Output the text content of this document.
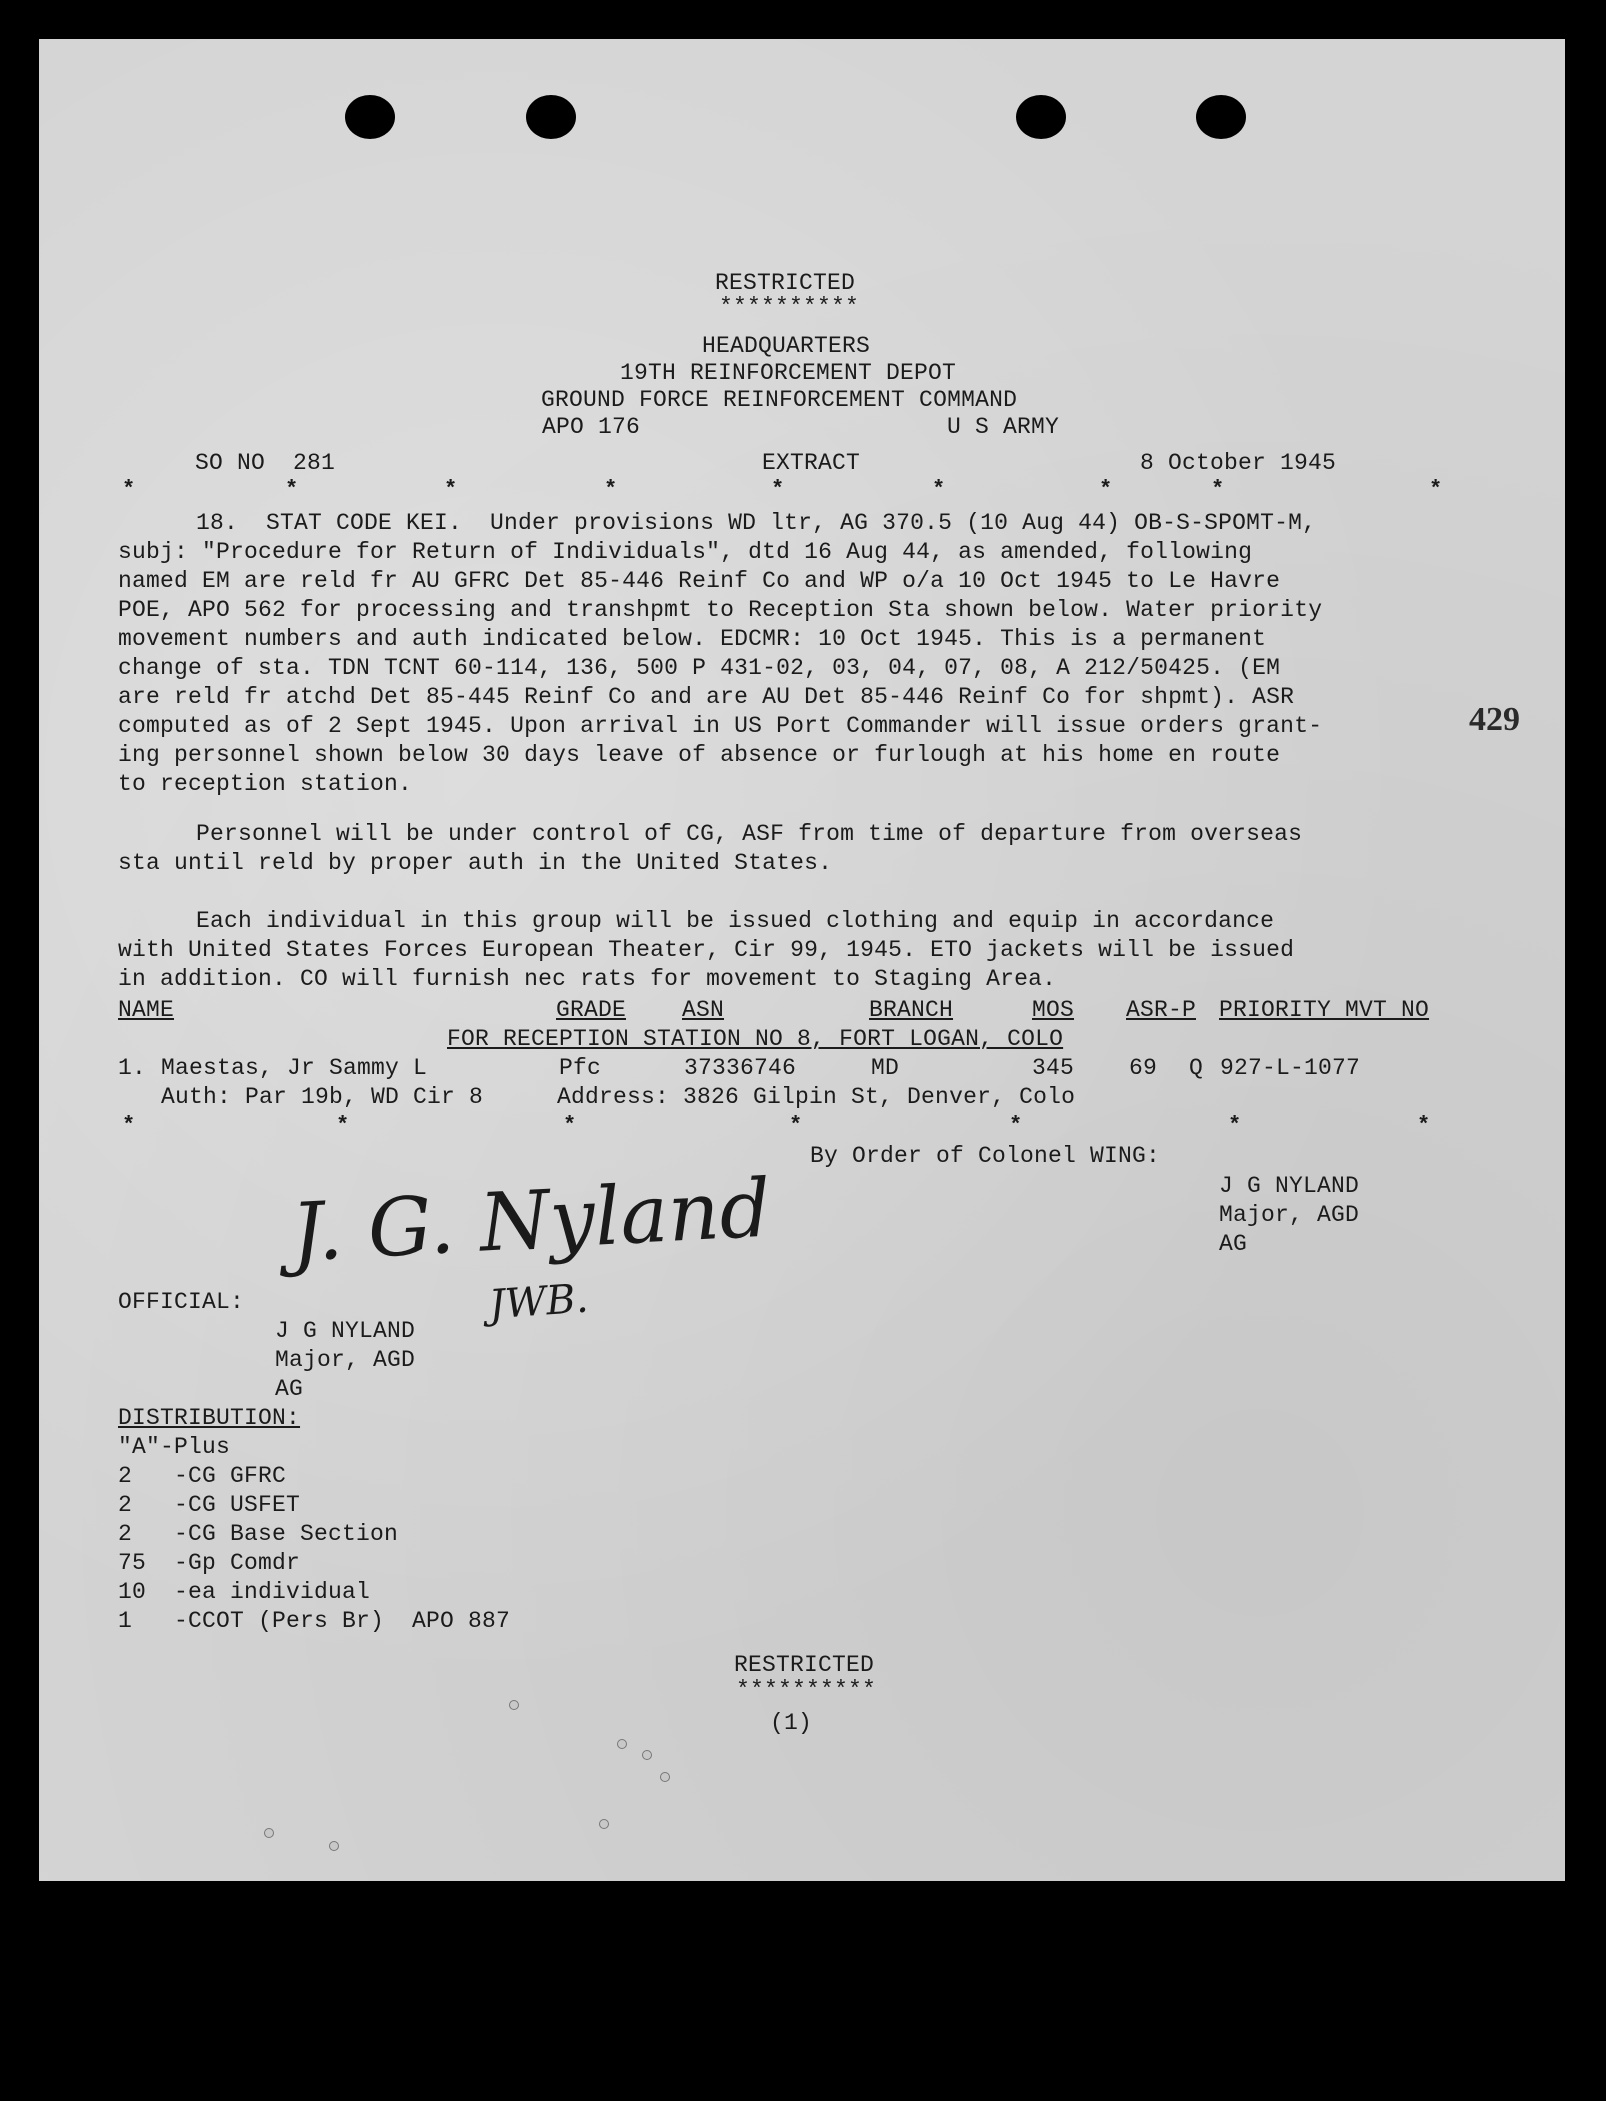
RESTRICTED
**********
HEADQUARTERS
19TH REINFORCEMENT DEPOT
GROUND FORCE REINFORCEMENT COMMAND
APO 176	U S ARMY
SO NO  281	EXTRACT	8 October 1945
*	*	*	*	*	*	*	*	*
18.  STAT CODE KEI.  Under provisions WD ltr, AG 370.5 (10 Aug 44) OB-S-SPOMT-M,
subj: "Procedure for Return of Individuals", dtd 16 Aug 44, as amended, following
named EM are reld fr AU GFRC Det 85-446 Reinf Co and WP o/a 10 Oct 1945 to Le Havre
POE, APO 562 for processing and transhpmt to Reception Sta shown below. Water priority
movement numbers and auth indicated below. EDCMR: 10 Oct 1945. This is a permanent
change of sta. TDN TCNT 60-114, 136, 500 P 431-02, 03, 04, 07, 08, A 212/50425. (EM
are reld fr atchd Det 85-445 Reinf Co and are AU Det 85-446 Reinf Co for shpmt). ASR
computed as of 2 Sept 1945. Upon arrival in US Port Commander will issue orders grant-
ing personnel shown below 30 days leave of absence or furlough at his home en route
to reception station.
429
Personnel will be under control of CG, ASF from time of departure from overseas
sta until reld by proper auth in the United States.
Each individual in this group will be issued clothing and equip in accordance
with United States Forces European Theater, Cir 99, 1945. ETO jackets will be issued
in addition. CO will furnish nec rats for movement to Staging Area.
NAME	GRADE ASN	BRANCH	MOS ASR-P PRIORITY MVT NO
FOR RECEPTION STATION NO 8, FORT LOGAN, COLO
1. Maestas, Jr Sammy L	Pfc	37336746	MD	345 69 Q 927-L-1077
Auth: Par 19b, WD Cir 8	Address: 3826 Gilpin St, Denver, Colo
*	*	*	*	*	*	*
By Order of Colonel WING:
J G NYLAND
Major, AGD
AG
J. G. Nyland
JWB.
OFFICIAL:
J G NYLAND
Major, AGD
AG
DISTRIBUTION:
"A"-Plus
2   -CG GFRC
2   -CG USFET
2   -CG Base Section
75  -Gp Comdr
10  -ea individual
1   -CCOT (Pers Br)  APO 887
RESTRICTED
**********
(1)
